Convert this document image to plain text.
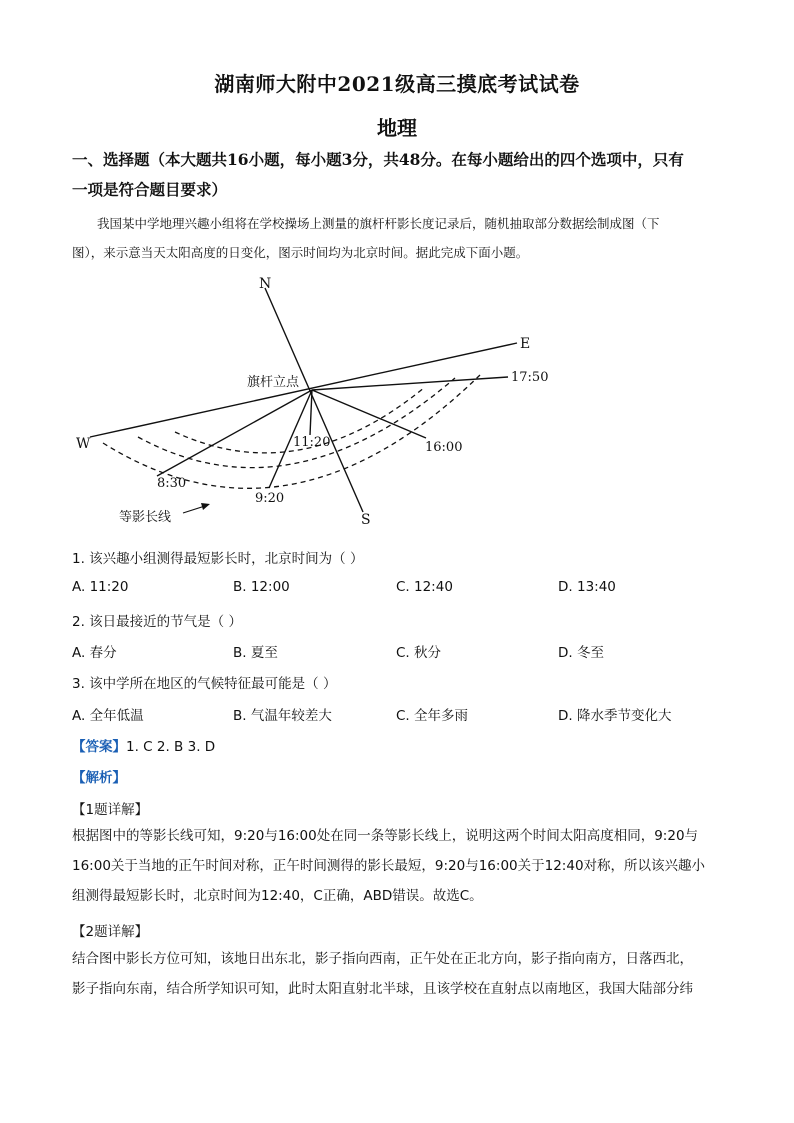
湖南师大附中2021级高三摸底考试试卷
地理
一、选择题（本大题共16小题，每小题3分，共48分。在每小题给出的四个选项中，只有
一项是符合题目要求）
我国某中学地理兴趣小组将在学校操场上测量的旗杆杆影长度记录后，随机抽取部分数据绘制成图（下
图），来示意当天太阳高度的日变化，图示时间均为北京时间。据此完成下面小题。
N
S
E
W
旗杆立点
等影长线
8:30
9:20
11:20	16:00
17:50
1. 该兴趣小组测得最短影长时，北京时间为（ ）
A. 11:20	B. 12:00	C. 12:40	D. 13:40
2. 该日最接近的节气是（ ）
A. 春分	B. 夏至	C. 秋分	D. 冬至
3. 该中学所在地区的气候特征最可能是（ ）
A. 全年低温	B. 气温年较差大	C. 全年多雨	D. 降水季节变化大
【答案】1. C 2. B 3. D
【解析】
【1题详解】
根据图中的等影长线可知，9:20与16:00处在同一条等影长线上，说明这两个时间太阳高度相同，9:20与
16:00关于当地的正午时间对称，正午时间测得的影长最短，9:20与16:00关于12:40对称，所以该兴趣小
组测得最短影长时，北京时间为12:40，C正确，ABD错误。故选C。
【2题详解】
结合图中影长方位可知，该地日出东北，影子指向西南，正午处在正北方向，影子指向南方，日落西北，
影子指向东南，结合所学知识可知，此时太阳直射北半球，且该学校在直射点以南地区，我国大陆部分纬
